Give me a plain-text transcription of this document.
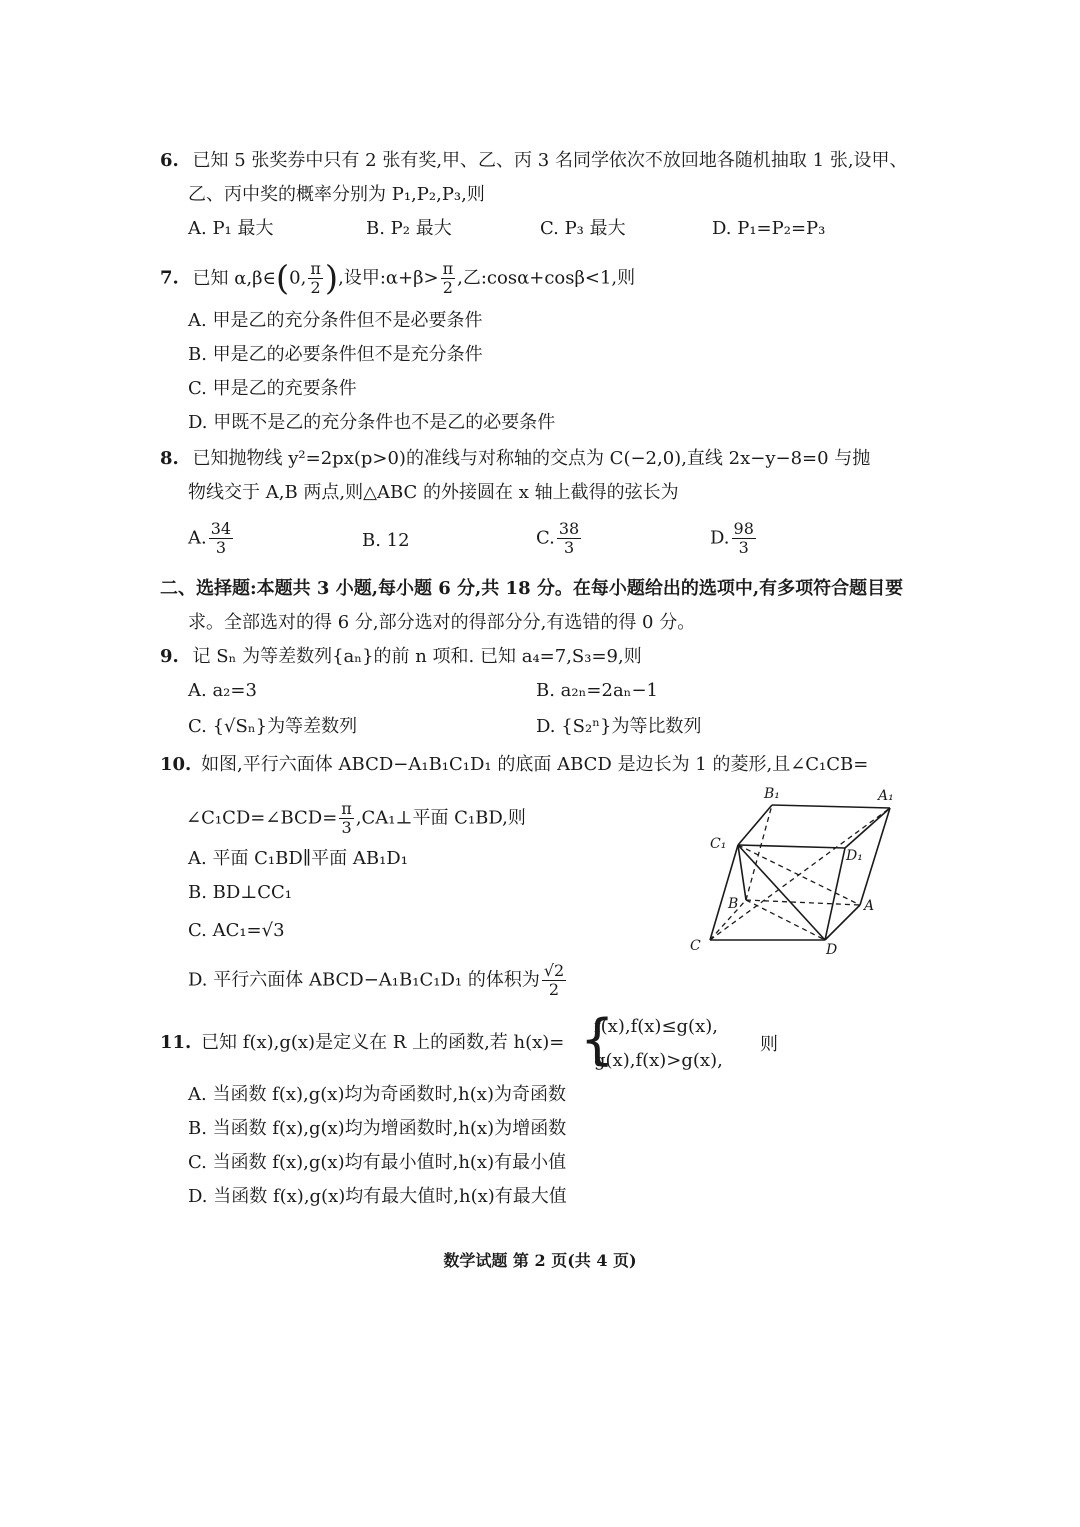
6. 已知 5 张奖券中只有 2 张有奖,甲、乙、丙 3 名同学依次不放回地各随机抽取 1 张,设甲、
乙、丙中奖的概率分别为 P₁,P₂,P₃,则
A. P₁ 最大	B. P₂ 最大	C. P₃ 最大	D. P₁=P₂=P₃
7. 已知 α,β∈(0, $\frac{\pi}{2}$ ),设甲:α+β> $\frac{\pi}{2}$ ,乙:cosα+cosβ<1,则
A. 甲是乙的充分条件但不是必要条件
B. 甲是乙的必要条件但不是充分条件
C. 甲是乙的充要条件
D. 甲既不是乙的充分条件也不是乙的必要条件
8. 已知抛物线 y²=2px(p>0)的准线与对称轴的交点为 C(−2,0),直线 2x−y−8=0 与抛
物线交于 A,B 两点,则△ABC 的外接圆在 x 轴上截得的弦长为
A. $\frac{34}{3}$	B. 12	C. $\frac{38}{3}$	D. $\frac{98}{3}$
二、选择题:本题共 3 小题,每小题 6 分,共 18 分。在每小题给出的选项中,有多项符合题目要
求。全部选对的得 6 分,部分选对的得部分分,有选错的得 0 分。
9. 记 Sₙ 为等差数列{aₙ}的前 n 项和. 已知 a₄=7,S₃=9,则
A. a₂=3	B. a₂ₙ=2aₙ−1
C. {√Sₙ}为等差数列	D. {S₂ⁿ}为等比数列
10. 如图,平行六面体 ABCD−A₁B₁C₁D₁ 的底面 ABCD 是边长为 1 的菱形,且∠C₁CB=
∠C₁CD=∠BCD= $\frac{\pi}{3}$ ,CA₁⊥平面 C₁BD,则
A. 平面 C₁BD∥平面 AB₁D₁
B. BD⊥CC₁
C. AC₁=√3
D. 平行六面体 ABCD−A₁B₁C₁D₁ 的体积为 $\frac{√2}{2}$
B₁	A₁
C₁
D₁
B	A
C	D
11. 已知 f(x),g(x)是定义在 R 上的函数,若 h(x)= {
f(x),f(x)≤g(x),
g(x),f(x)>g(x),
则
A. 当函数 f(x),g(x)均为奇函数时,h(x)为奇函数
B. 当函数 f(x),g(x)均为增函数时,h(x)为增函数
C. 当函数 f(x),g(x)均有最小值时,h(x)有最小值
D. 当函数 f(x),g(x)均有最大值时,h(x)有最大值
数学试题 第 2 页(共 4 页)
